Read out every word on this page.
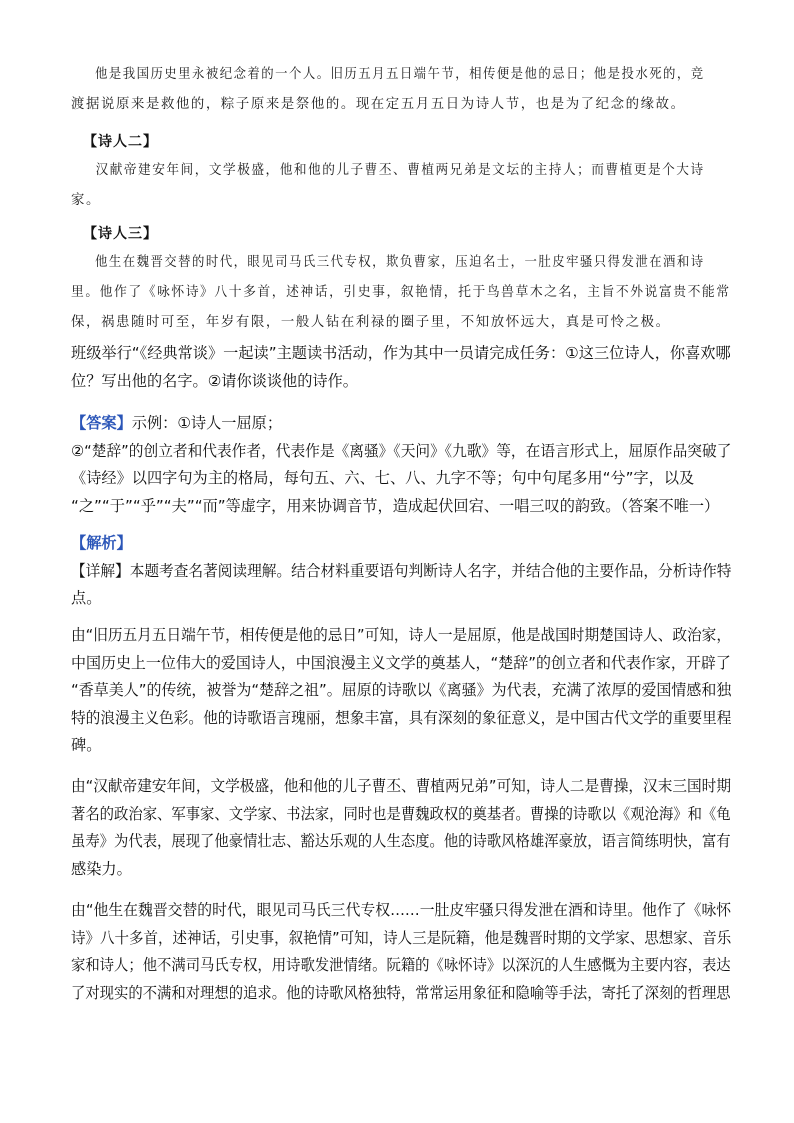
他是我国历史里永被纪念着的一个人。旧历五月五日端午节，相传便是他的忌日；他是投水死的，竞
渡据说原来是救他的，粽子原来是祭他的。现在定五月五日为诗人节，也是为了纪念的缘故。
【诗人二】
汉献帝建安年间，文学极盛，他和他的儿子曹丕、曹植两兄弟是文坛的主持人；而曹植更是个大诗
家。
【诗人三】
他生在魏晋交替的时代，眼见司马氏三代专权，欺负曹家，压迫名士，一肚皮牢骚只得发泄在酒和诗
里。他作了《咏怀诗》八十多首，述神话，引史事，叙艳情，托于鸟兽草木之名，主旨不外说富贵不能常
保，祸患随时可至，年岁有限，一般人钻在利禄的圈子里，不知放怀远大，真是可怜之极。
班级举行“《经典常谈》一起读”主题读书活动，作为其中一员请完成任务：①这三位诗人，你喜欢哪
位？写出他的名字。②请你谈谈他的诗作。
【答案】示例：①诗人一屈原；
②“楚辞”的创立者和代表作者，代表作是《离骚》《天问》《九歌》等，在语言形式上，屈原作品突破了
《诗经》以四字句为主的格局，每句五、六、七、八、九字不等；句中句尾多用“兮”字，以及
“之”“于”“乎”“夫”“而”等虚字，用来协调音节，造成起伏回宕、一唱三叹的韵致。（答案不唯一）
【解析】
【详解】本题考查名著阅读理解。结合材料重要语句判断诗人名字，并结合他的主要作品，分析诗作特
点。
由“旧历五月五日端午节，相传便是他的忌日”可知，诗人一是屈原，他是战国时期楚国诗人、政治家，
中国历史上一位伟大的爱国诗人，中国浪漫主义文学的奠基人，“楚辞”的创立者和代表作家，开辟了
“香草美人”的传统，被誉为“楚辞之祖”。屈原的诗歌以《离骚》为代表，充满了浓厚的爱国情感和独
特的浪漫主义色彩。他的诗歌语言瑰丽，想象丰富，具有深刻的象征意义，是中国古代文学的重要里程
碑。
由“汉献帝建安年间，文学极盛，他和他的儿子曹丕、曹植两兄弟”可知，诗人二是曹操，汉末三国时期
著名的政治家、军事家、文学家、书法家，同时也是曹魏政权的奠基者。曹操的诗歌以《观沧海》和《龟
虽寿》为代表，展现了他豪情壮志、豁达乐观的人生态度。他的诗歌风格雄浑豪放，语言简练明快，富有
感染力。
由“他生在魏晋交替的时代，眼见司马氏三代专权……一肚皮牢骚只得发泄在酒和诗里。他作了《咏怀
诗》八十多首，述神话，引史事，叙艳情”可知，诗人三是阮籍，他是魏晋时期的文学家、思想家、音乐
家和诗人；他不满司马氏专权，用诗歌发泄情绪。阮籍的《咏怀诗》以深沉的人生感慨为主要内容，表达
了对现实的不满和对理想的追求。他的诗歌风格独特，常常运用象征和隐喻等手法，寄托了深刻的哲理思
